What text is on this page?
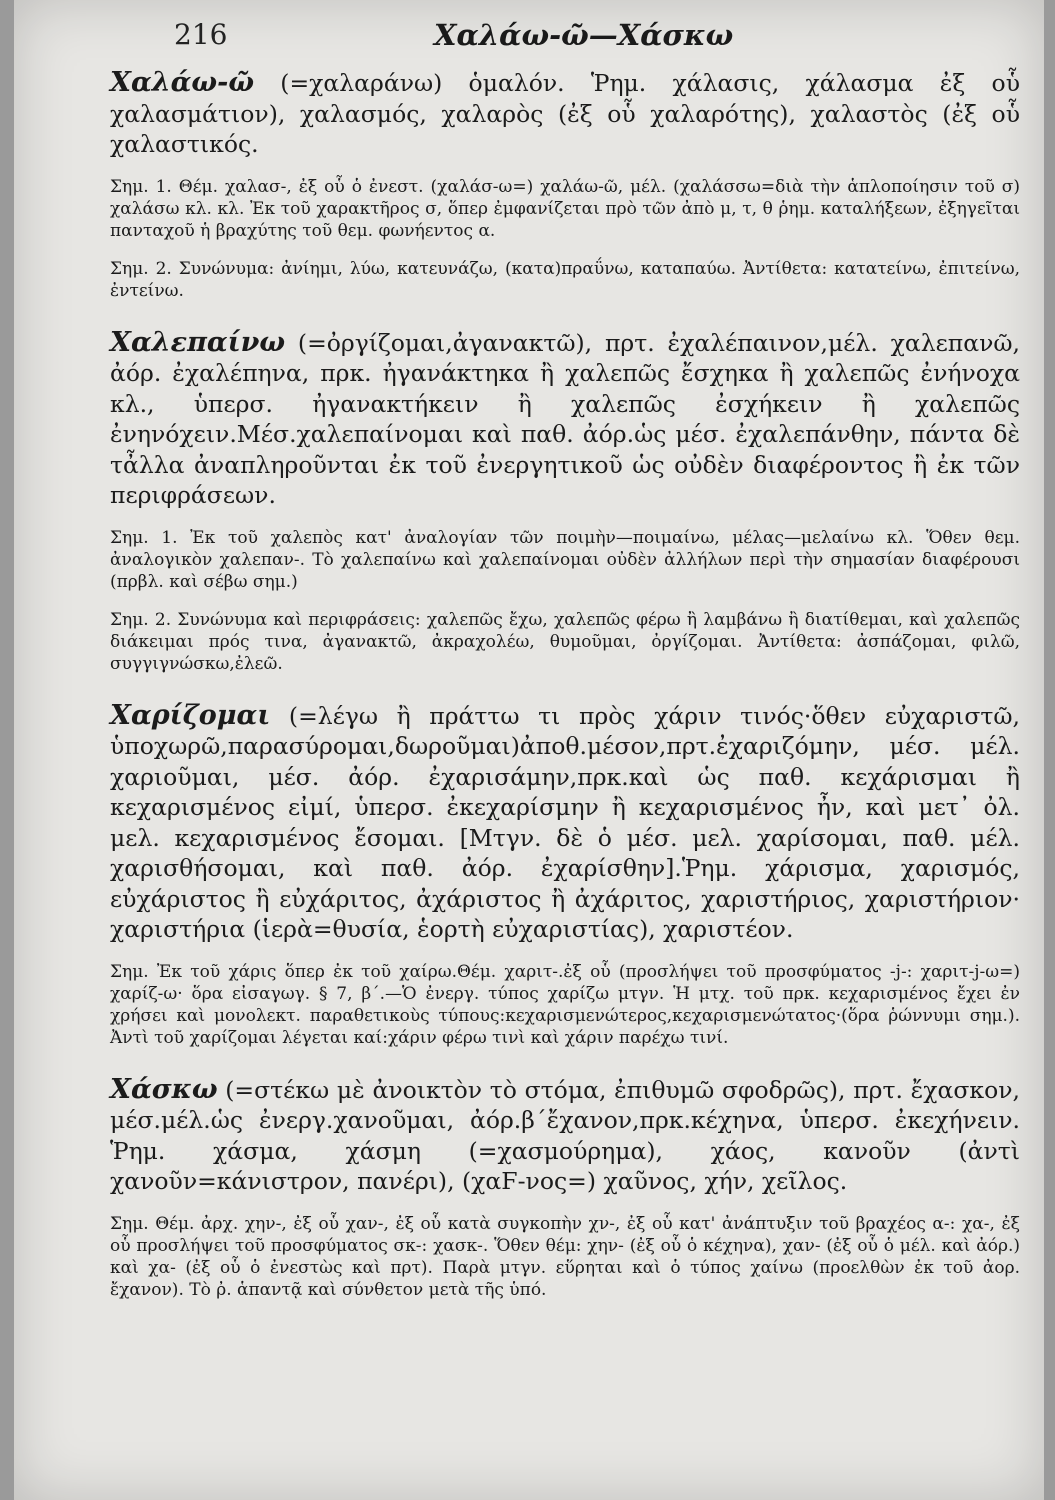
216	Χαλάω-ῶ—Χάσκω

Χαλάω-ῶ (=χαλαράνω) ὁμαλόν. Ῥημ. χάλασις, χάλασμα ἐξ οὗ χαλασμάτιον), χαλασμός, χαλαρὸς (ἐξ οὗ χαλαρότης), χαλαστὸς (ἐξ οὗ χαλαστικός.

Σημ. 1. Θέμ. χαλασ-, ἐξ οὗ ὁ ἐνεστ. (χαλάσ-ω=) χαλάω-ῶ, μέλ. (χαλάσσω=διὰ τὴν ἁπλοποίησιν τοῦ σ) χαλάσω κλ. κλ. Ἐκ τοῦ χαρακτῆρος σ, ὅπερ ἐμφανίζεται πρὸ τῶν ἀπὸ μ, τ, θ ῥημ. καταλήξεων, ἐξηγεῖται πανταχοῦ ἡ βραχύτης τοῦ θεμ. φωνήεντος α.

Σημ. 2. Συνώνυμα: ἀνίημι, λύω, κατευνάζω, (κατα)πραΰνω, καταπαύω. Ἀντίθετα: κατατείνω, ἐπιτείνω, ἐντείνω.

Χαλεπαίνω (=ὀργίζομαι,ἀγανακτῶ), πρτ. ἐχαλέπαινον,μέλ. χαλεπανῶ, ἀόρ. ἐχαλέπηνα, πρκ. ἠγανάκτηκα ἢ χαλεπῶς ἔσχηκα ἢ χαλεπῶς ἐνήνοχα κλ., ὑπερσ. ἠγανακτήκειν ἢ χαλεπῶς ἐσχήκειν ἢ χαλεπῶς ἐνηνόχειν.Μέσ.χαλεπαίνομαι καὶ παθ. ἀόρ.ὡς μέσ. ἐχαλεπάνθην, πάντα δὲ τἆλλα ἀναπληροῦνται ἐκ τοῦ ἐνεργητικοῦ ὡς οὐδὲν διαφέροντος ἢ ἐκ τῶν περιφράσεων.

Σημ. 1. Ἐκ τοῦ χαλεπὸς κατ' ἀναλογίαν τῶν ποιμὴν—ποιμαίνω, μέλας—μελαίνω κλ. Ὅθεν θεμ. ἀναλογικὸν χαλεπαν-. Τὸ χαλεπαίνω καὶ χαλεπαίνομαι οὐδὲν ἀλλήλων περὶ τὴν σημασίαν διαφέρουσι (πρβλ. καὶ σέβω σημ.)

Σημ. 2. Συνώνυμα καὶ περιφράσεις: χαλεπῶς ἔχω, χαλεπῶς φέρω ἢ λαμβάνω ἢ διατίθεμαι, καὶ χαλεπῶς διάκειμαι πρός τινα, ἀγανακτῶ, ἀκραχολέω, θυμοῦμαι, ὀργίζομαι. Ἀντίθετα: ἀσπάζομαι, φιλῶ, συγγιγνώσκω,ἐλεῶ.

Χαρίζομαι (=λέγω ἢ πράττω τι πρὸς χάριν τινός·ὅθεν εὐχαριστῶ, ὑποχωρῶ,παρασύρομαι,δωροῦμαι)ἀποθ.μέσον,πρτ.ἐχαριζόμην, μέσ. μέλ. χαριοῦμαι, μέσ. ἀόρ. ἐχαρισάμην,πρκ.καὶ ὡς παθ. κεχάρισμαι ἢ κεχαρισμένος εἰμί, ὑπερσ. ἐκεχαρίσμην ἢ κεχαρισμένος ἦν, καὶ μετ᾽ ὀλ. μελ. κεχαρισμένος ἔσομαι. [Μτγν. δὲ ὁ μέσ. μελ. χαρίσομαι, παθ. μέλ. χαρισθήσομαι, καὶ παθ. ἀόρ. ἐχαρίσθην].Ῥημ. χάρισμα, χαρισμός, εὐχάριστος ἢ εὐχάριτος, ἀχάριστος ἢ ἀχάριτος, χαριστήριος, χαριστήριον· χαριστήρια (ἱερὰ=θυσία, ἑορτὴ εὐχαριστίας), χαριστέον.

Σημ. Ἐκ τοῦ χάρις ὅπερ ἐκ τοῦ χαίρω.Θέμ. χαριτ-.ἐξ οὗ (προσλήψει τοῦ προσφύματος -j-: χαριτ-j-ω=) χαρίζ-ω· ὅρα εἰσαγωγ. § 7, β΄.—Ὁ ἐνεργ. τύπος χαρίζω μτγν. Ἡ μτχ. τοῦ πρκ. κεχαρισμένος ἔχει ἐν χρήσει καὶ μονολεκτ. παραθετικοὺς τύπους:κεχαρισμενώτερος,κεχαρισμενώτατος·(ὅρα ῥώννυμι σημ.). Ἀντὶ τοῦ χαρίζομαι λέγεται καί:χάριν φέρω τινὶ καὶ χάριν παρέχω τινί.

Χάσκω (=στέκω μὲ ἀνοικτὸν τὸ στόμα, ἐπιθυμῶ σφοδρῶς), πρτ. ἔχασκον, μέσ.μέλ.ὡς ἐνεργ.χανοῦμαι, ἀόρ.β΄ἔχανον,πρκ.κέχηνα, ὑπερσ. ἐκεχήνειν. Ῥημ. χάσμα, χάσμη (=χασμούρημα), χάος, κανοῦν (ἀντὶ χανοῦν=κάνιστρον, πανέρι), (χαϜ-νος=) χαῦνος, χήν, χεῖλος.

Σημ. Θέμ. ἀρχ. χην-, ἐξ οὗ χαν-, ἐξ οὗ κατὰ συγκοπὴν χν-, ἐξ οὗ κατ' ἀνάπτυξιν τοῦ βραχέος α-: χα-, ἐξ οὗ προσλήψει τοῦ προσφύματος σκ-: χασκ-. Ὅθεν θέμ: χην- (ἐξ οὗ ὁ κέχηνα), χαν- (ἐξ οὗ ὁ μέλ. καὶ ἀόρ.) καὶ χα- (ἐξ οὗ ὁ ἐνεστὼς καὶ πρτ). Παρὰ μτγν. εὕρηται καὶ ὁ τύπος χαίνω (προελθὼν ἐκ τοῦ ἀορ. ἔχανον). Τὸ ῤ. ἁπαντᾷ καὶ σύνθετον μετὰ τῆς ὑπό.
